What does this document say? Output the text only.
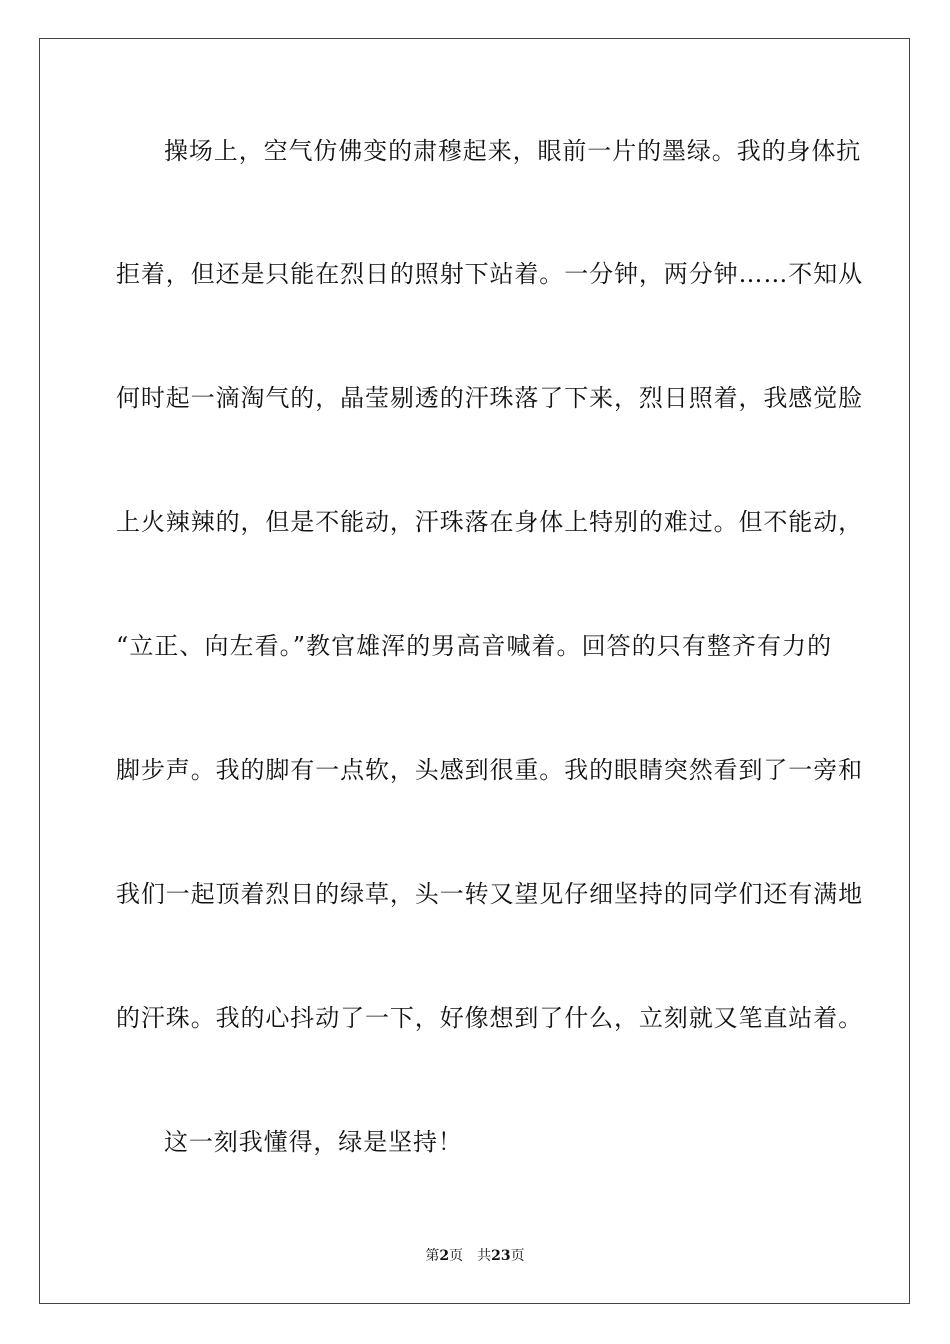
操场上，空气仿佛变的肃穆起来，眼前一片的墨绿。我的身体抗
拒着，但还是只能在烈日的照射下站着。一分钟，两分钟……不知从
何时起一滴淘气的，晶莹剔透的汗珠落了下来，烈日照着，我感觉脸
上火辣辣的，但是不能动，汗珠落在身体上特别的难过。但不能动，
“立正、向左看。”教官雄浑的男高音喊着。回答的只有整齐有力的
脚步声。我的脚有一点软，头感到很重。我的眼睛突然看到了一旁和
我们一起顶着烈日的绿草，头一转又望见仔细坚持的同学们还有满地
的汗珠。我的心抖动了一下，好像想到了什么，立刻就又笔直站着。
这一刻我懂得，绿是坚持！
第2页 共23页
